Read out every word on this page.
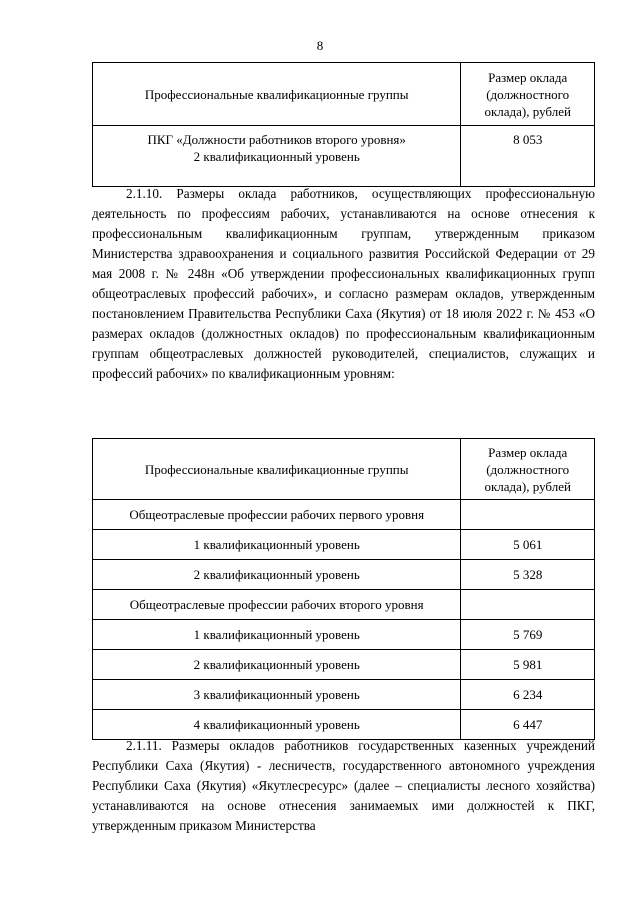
8
Профессиональные квалификационные группы	Размер оклада (должностного оклада), рублей

ПКГ «Должности работников второго уровня»
2 квалификационный уровень	8 053
2.1.10. Размеры оклада работников, осуществляющих профессиональную деятельность по профессиям рабочих, устанавливаются на основе отнесения к профессиональным квалификационным группам, утвержденным приказом Министерства здравоохранения и социального развития Российской Федерации от 29 мая 2008 г. № 248н «Об утверждении профессиональных квалификационных групп общеотраслевых профессий рабочих», и согласно размерам окладов, утвержденным постановлением Правительства Республики Саха (Якутия) от 18 июля 2022 г. № 453 «О размерах окладов (должностных окладов) по профессиональным квалификационным группам общеотраслевых должностей руководителей, специалистов, служащих и профессий рабочих» по квалификационным уровням:
Профессиональные квалификационные группы	Размер оклада (должностного оклада), рублей
Общеотраслевые профессии рабочих первого уровня	
1 квалификационный уровень	5 061
2 квалификационный уровень	5 328
Общеотраслевые профессии рабочих второго уровня	
1 квалификационный уровень	5 769
2 квалификационный уровень	5 981
3 квалификационный уровень	6 234
4 квалификационный уровень	6 447
2.1.11. Размеры окладов работников государственных казенных учреждений Республики Саха (Якутия) - лесничеств, государственного автономного учреждения Республики Саха (Якутия) «Якутлесресурс» (далее – специалисты лесного хозяйства) устанавливаются на основе отнесения занимаемых ими должностей к ПКГ, утвержденным приказом Министерства
